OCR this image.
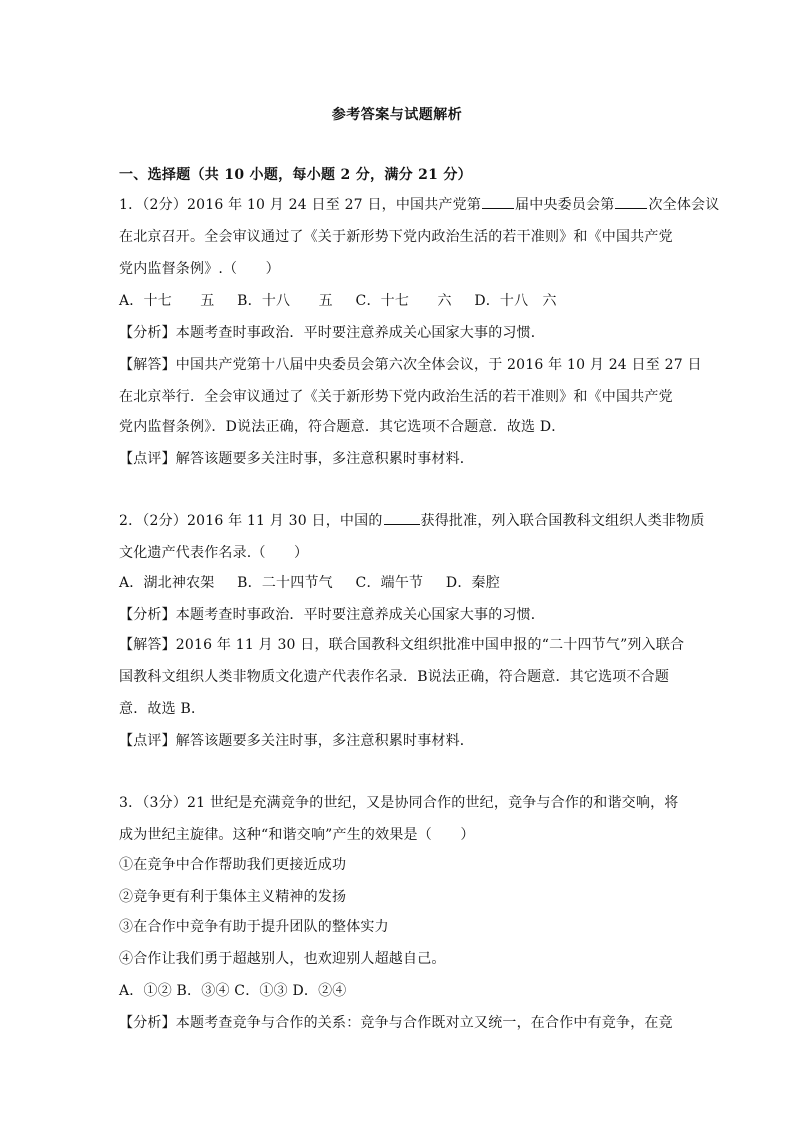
参考答案与试题解析
一、选择题（共 10 小题，每小题 2 分，满分 21 分）
1．（2分）2016 年 10 月 24 日至 27 日，中国共产党第 届中央委员会第 次全体会议
在北京召开。全会审议通过了《关于新形势下党内政治生活的若干准则》和《中国共产党
党内监督条例》.（　　）
A．十七　　五 B．十八　　五 C．十七　　六 D．十八　六
【分析】本题考查时事政治．平时要注意养成关心国家大事的习惯．
【解答】中国共产党第十八届中央委员会第六次全体会议，于 2016 年 10 月 24 日至 27 日
在北京举行．全会审议通过了《关于新形势下党内政治生活的若干准则》和《中国共产党
党内监督条例》．D说法正确，符合题意．其它选项不合题意．故选 D．
【点评】解答该题要多关注时事，多注意积累时事材料．
2．（2分）2016 年 11 月 30 日，中国的	获得批准，列入联合国教科文组织人类非物质
文化遗产代表作名录.（　　）
A．湖北神农架 B．二十四节气 C．端午节 D．秦腔
【分析】本题考查时事政治．平时要注意养成关心国家大事的习惯．
【解答】2016 年 11 月 30 日，联合国教科文组织批准中国申报的“二十四节气”列入联合
国教科文组织人类非物质文化遗产代表作名录．B说法正确，符合题意．其它选项不合题
意．故选 B．
【点评】解答该题要多关注时事，多注意积累时事材料．
3．（3分）21 世纪是充满竞争的世纪，又是协同合作的世纪，竞争与合作的和谐交响，将
成为世纪主旋律。这种“和谐交响”产生的效果是（　　）
①在竞争中合作帮助我们更接近成功
②竞争更有利于集体主义精神的发扬
③在合作中竞争有助于提升团队的整体实力
④合作让我们勇于超越别人，也欢迎别人超越自己。
A．①② B．③④ C．①③ D．②④
【分析】本题考查竞争与合作的关系：竞争与合作既对立又统一，在合作中有竞争，在竞
